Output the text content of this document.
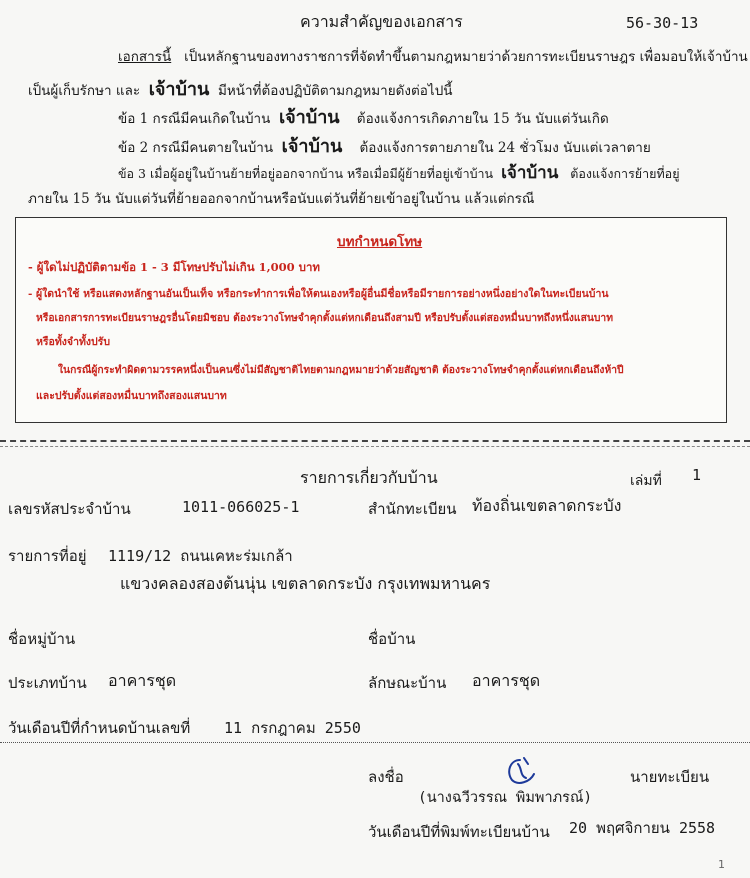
ความสำคัญของเอกสาร	56-30-13
เอกสารนี้ เป็นหลักฐานของทางราชการที่จัดทำขึ้นตามกฎหมายว่าด้วยการทะเบียนราษฎร เพื่อมอบให้เจ้าบ้าน
เป็นผู้เก็บรักษา และ เจ้าบ้าน มีหน้าที่ต้องปฏิบัติตามกฎหมายดังต่อไปนี้
ข้อ 1 กรณีมีคนเกิดในบ้าน เจ้าบ้าน ต้องแจ้งการเกิดภายใน 15 วัน นับแต่วันเกิด
ข้อ 2 กรณีมีคนตายในบ้าน เจ้าบ้าน ต้องแจ้งการตายภายใน 24 ชั่วโมง นับแต่เวลาตาย
ข้อ 3 เมื่อผู้อยู่ในบ้านย้ายที่อยู่ออกจากบ้าน หรือเมื่อมีผู้ย้ายที่อยู่เข้าบ้าน เจ้าบ้าน ต้องแจ้งการย้ายที่อยู่
ภายใน 15 วัน นับแต่วันที่ย้ายออกจากบ้านหรือนับแต่วันที่ย้ายเข้าอยู่ในบ้าน แล้วแต่กรณี
บทกำหนดโทษ
- ผู้ใดไม่ปฏิบัติตามข้อ 1 - 3 มีโทษปรับไม่เกิน 1,000 บาท
- ผู้ใดนำใช้ หรือแสดงหลักฐานอันเป็นเท็จ หรือกระทำการเพื่อให้ตนเองหรือผู้อื่นมีชื่อหรือมีรายการอย่างหนึ่งอย่างใดในทะเบียนบ้าน
หรือเอกสารการทะเบียนราษฎรอื่นโดยมิชอบ ต้องระวางโทษจำคุกตั้งแต่หกเดือนถึงสามปี หรือปรับตั้งแต่สองหมื่นบาทถึงหนึ่งแสนบาท
หรือทั้งจำทั้งปรับ
ในกรณีผู้กระทำผิดตามวรรคหนึ่งเป็นคนซึ่งไม่มีสัญชาติไทยตามกฎหมายว่าด้วยสัญชาติ ต้องระวางโทษจำคุกตั้งแต่หกเดือนถึงห้าปี
และปรับตั้งแต่สองหมื่นบาทถึงสองแสนบาท
รายการเกี่ยวกับบ้าน	เล่มที่ 1
เลขรหัสประจำบ้าน	1011-066025-1	สำนักทะเบียน ท้องถิ่นเขตลาดกระบัง
รายการที่อยู่ 1119/12 ถนนเคหะร่มเกล้า
แขวงคลองสองต้นนุ่น เขตลาดกระบัง กรุงเทพมหานคร
ชื่อหมู่บ้าน	ชื่อบ้าน
ประเภทบ้าน อาคารชุด	ลักษณะบ้าน อาคารชุด
วันเดือนปีที่กำหนดบ้านเลขที่ 11 กรกฎาคม 2550
ลงชื่อ	นายทะเบียน
(นางฉวีวรรณ พิมพาภรณ์)
วันเดือนปีที่พิมพ์ทะเบียนบ้าน 20 พฤศจิกายน 2558
1
